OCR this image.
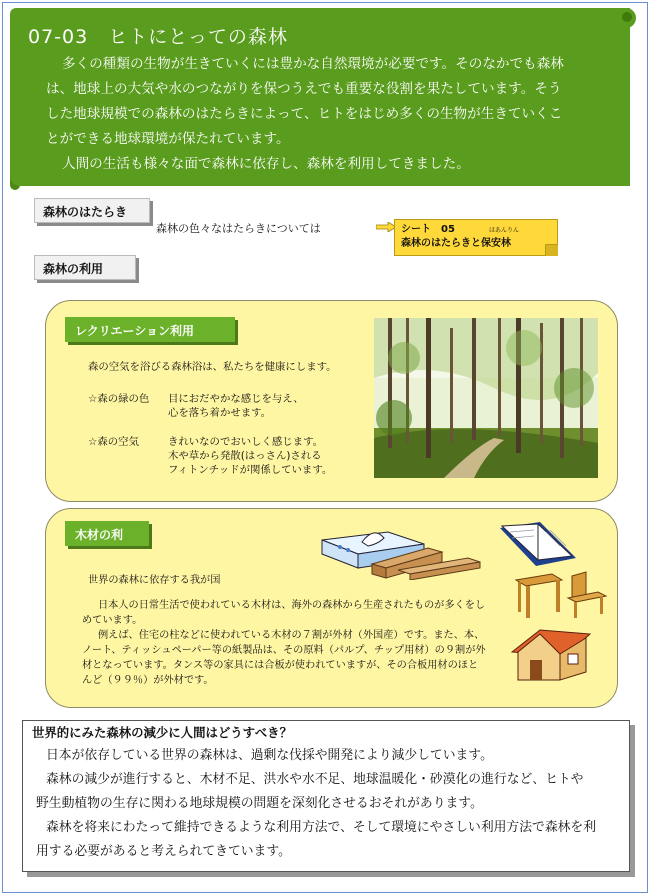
07-03　ヒトにとっての森林

多くの種類の生物が生きていくには豊かな自然環境が必要です。そのなかでも森林は、地球上の大気や水のつながりを保つうえでも重要な役割を果たしています。そうした地球規模での森林のはたらきによって、ヒトをはじめ多くの生物が生きていくことができる地球環境が保たれています。

人間の生活も様々な面で森林に依存し、森林を利用してきました。

森林のはたらき
森林の色々なはたらきについては	シート　05	ほあんりん
森林のはたらきと保安林
森林の利用
レクリエーション利用
森の空気を浴びる森林浴は、私たちを健康にします。
☆森の緑の色 目におだやかな感じを与え、
心を落ち着かせます。
☆森の空気	きれいなのでおいしく感じます。
木や草から発散(はっさん)される
フィトンチッドが関係しています。
木材の利
世界の森林に依存する我が国

日本人の日常生活で使われている木材は、海外の森林から生産されたものが多くをしめています。

例えば、住宅の柱などに使われている木材の７割が外材（外国産）です。また、本、ノート、ティッシュペーパー等の紙製品は、その原料（パルプ、チップ用材）の９割が外材となっています。タンス等の家具には合板が使われていますが、その合板用材のほとんど（９９％）が外材です。

世界的にみた森林の減少に人間はどうすべき？

日本が依存している世界の森林は、過剰な伐採や開発により減少しています。

森林の減少が進行すると、木材不足、洪水や水不足、地球温暖化・砂漠化の進行など、ヒトや野生動植物の生存に関わる地球規模の問題を深刻化させるおそれがあります。

森林を将来にわたって維持できるような利用方法で、そして環境にやさしい利用方法で森林を利用する必要があると考えられてきています。
